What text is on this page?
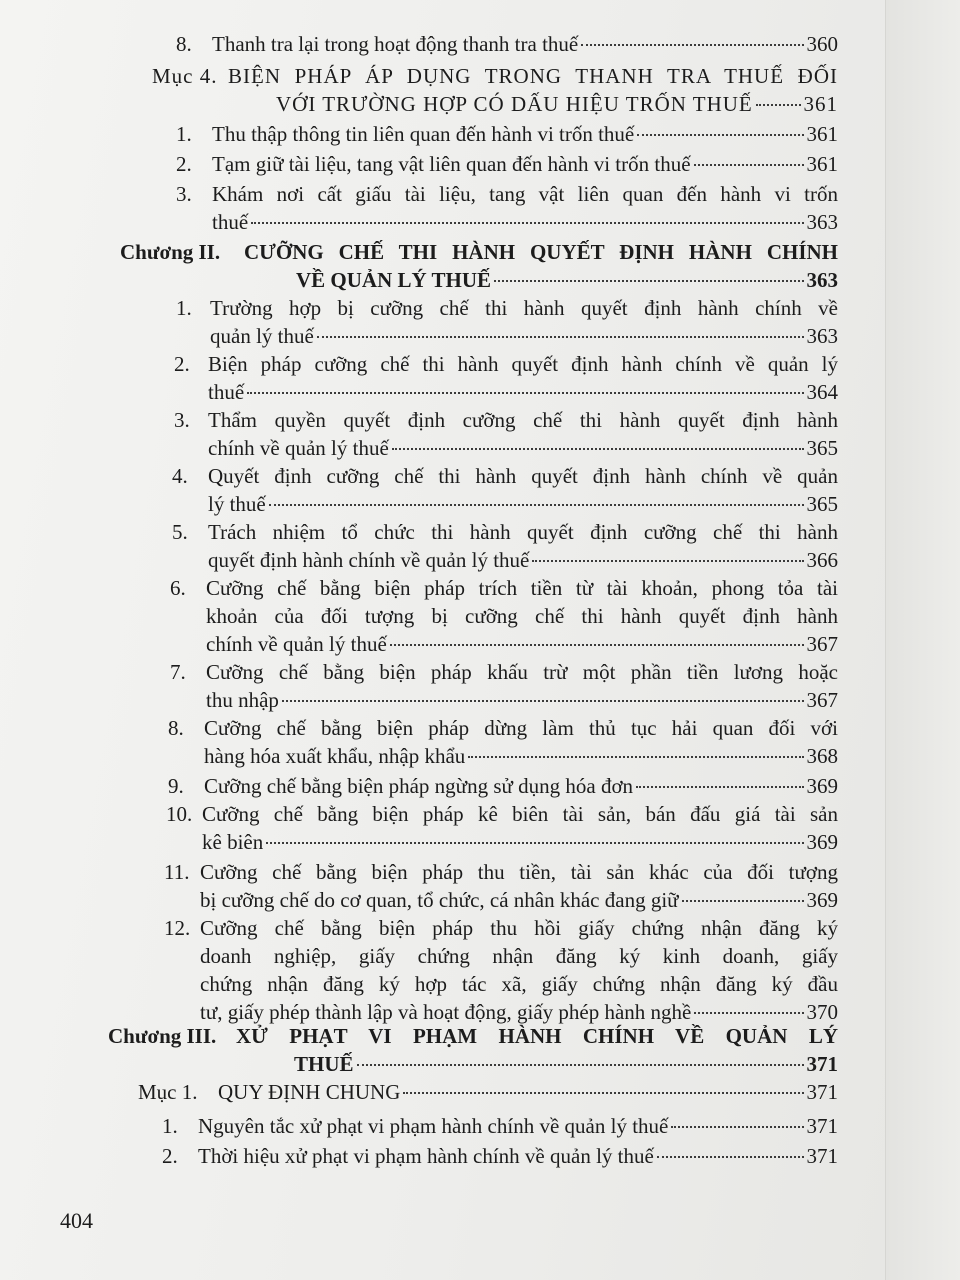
8. Thanh tra lại trong hoạt động thanh tra thuế	360
Mục 4. BIỆN PHÁP ÁP DỤNG TRONG THANH TRA THUẾ ĐỐI
VỚI TRƯỜNG HỢP CÓ DẤU HIỆU TRỐN THUẾ 361
1. Thu thập thông tin liên quan đến hành vi trốn thuế	361
2. Tạm giữ tài liệu, tang vật liên quan đến hành vi trốn thuế	361
3. Khám nơi cất giấu tài liệu, tang vật liên quan đến hành vi trốn
thuế	363
Chương II.	CƯỠNG CHẾ THI HÀNH QUYẾT ĐỊNH HÀNH CHÍNH
VỀ QUẢN LÝ THUẾ	363
1. Trường hợp bị cưỡng chế thi hành quyết định hành chính về
quản lý thuế	363
2. Biện pháp cưỡng chế thi hành quyết định hành chính về quản lý
thuế	364
3. Thẩm quyền quyết định cưỡng chế thi hành quyết định hành
chính về quản lý thuế	365
4. Quyết định cưỡng chế thi hành quyết định hành chính về quản
lý thuế	365
5. Trách nhiệm tổ chức thi hành quyết định cưỡng chế thi hành
quyết định hành chính về quản lý thuế	366
6. Cưỡng chế bằng biện pháp trích tiền từ tài khoản, phong tỏa tài
khoản của đối tượng bị cưỡng chế thi hành quyết định hành
chính về quản lý thuế	367
7. Cưỡng chế bằng biện pháp khấu trừ một phần tiền lương hoặc
thu nhập	367
8. Cưỡng chế bằng biện pháp dừng làm thủ tục hải quan đối với
hàng hóa xuất khẩu, nhập khẩu	368
9. Cưỡng chế bằng biện pháp ngừng sử dụng hóa đơn	369
10. Cưỡng chế bằng biện pháp kê biên tài sản, bán đấu giá tài sản
kê biên	369
11. Cưỡng chế bằng biện pháp thu tiền, tài sản khác của đối tượng
bị cưỡng chế do cơ quan, tổ chức, cá nhân khác đang giữ	369
12. Cưỡng chế bằng biện pháp thu hồi giấy chứng nhận đăng ký
doanh nghiệp, giấy chứng nhận đăng ký kinh doanh, giấy
chứng nhận đăng ký hợp tác xã, giấy chứng nhận đăng ký đầu
tư, giấy phép thành lập và hoạt động, giấy phép hành nghề	370
Chương III. XỬ PHẠT VI PHẠM HÀNH CHÍNH VỀ QUẢN LÝ
THUẾ	371
Mục 1. QUY ĐỊNH CHUNG	371
1. Nguyên tắc xử phạt vi phạm hành chính về quản lý thuế	371
2. Thời hiệu xử phạt vi phạm hành chính về quản lý thuế	371
404
